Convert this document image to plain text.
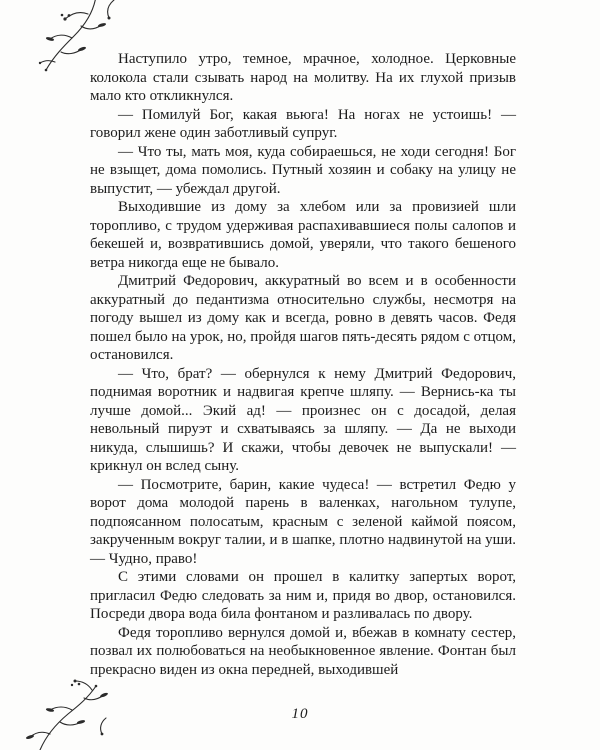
Наступило утро, темное, мрачное, холодное. Церковные колокола стали сзывать народ на молитву. На их глухой призыв мало кто откликнулся.

— Помилуй Бог, какая вьюга! На ногах не устоишь! — говорил жене один заботливый супруг.

— Что ты, мать моя, куда собираешься, не ходи сегодня! Бог не взыщет, дома помолись. Путный хозяин и собаку на улицу не выпустит, — убеждал другой.

Выходившие из дому за хлебом или за провизией шли торопливо, с трудом удерживая распахивавшиеся полы салопов и бекешей и, возвратившись домой, уверяли, что такого бешеного ветра никогда еще не бывало.

Дмитрий Федорович, аккуратный во всем и в особенности аккуратный до педантизма относительно службы, несмотря на погоду вышел из дому как и всегда, ровно в девять часов. Федя пошел было на урок, но, пройдя шагов пять-десять рядом с отцом, остановился.

— Что, брат? — обернулся к нему Дмитрий Федорович, поднимая воротник и надвигая крепче шляпу. — Вернись-ка ты лучше домой... Экий ад! — произнес он с досадой, делая невольный пируэт и схватываясь за шляпу. — Да не выходи никуда, слышишь? И скажи, чтобы девочек не выпускали! — крикнул он вслед сыну.

— Посмотрите, барин, какие чудеса! — встретил Федю у ворот дома молодой парень в валенках, нагольном тулупе, подпоясанном полосатым, красным с зеленой каймой поясом, закрученным вокруг талии, и в шапке, плотно надвинутой на уши. — Чудно, право!

С этими словами он прошел в калитку запертых ворот, пригласил Федю следовать за ним и, придя во двор, остановился. Посреди двора вода била фонтаном и разливалась по двору.

Федя торопливо вернулся домой и, вбежав в комнату сестер, позвал их полюбоваться на необыкновенное явление. Фонтан был прекрасно виден из окна передней, выходившей

10
